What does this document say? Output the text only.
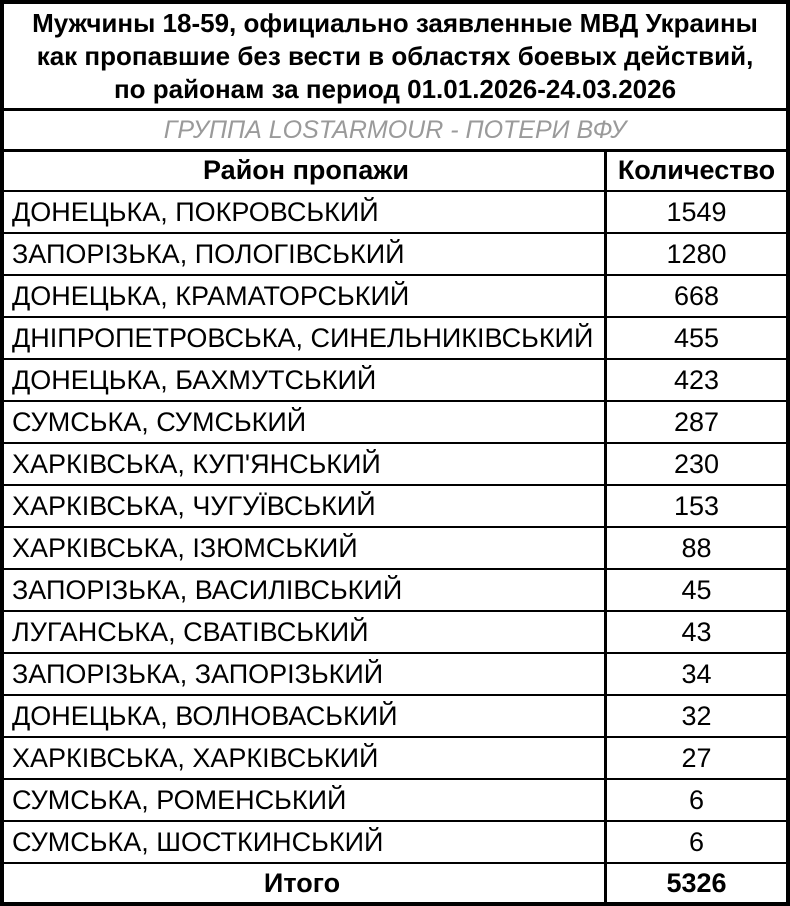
Мужчины 18-59, официально заявленные МВД Украины
как пропавшие без вести в областях боевых действий,
по районам за период 01.01.2026-24.03.2026
ГРУППА LOSTARMOUR - ПОТЕРИ ВФУ
Район пропажи	Количество
ДОНЕЦЬКА, ПОКРОВСЬКИЙ	1549
ЗАПОРІЗЬКА, ПОЛОГІВСЬКИЙ	1280
ДОНЕЦЬКА, КРАМАТОРСЬКИЙ	668
ДНІПРОПЕТРОВСЬКА, СИНЕЛЬНИКІВСЬКИЙ	455
ДОНЕЦЬКА, БАХМУТСЬКИЙ	423
СУМСЬКА, СУМСЬКИЙ	287
ХАРКІВСЬКА, КУП'ЯНСЬКИЙ	230
ХАРКІВСЬКА, ЧУГУЇВСЬКИЙ	153
ХАРКІВСЬКА, ІЗЮМСЬКИЙ	88
ЗАПОРІЗЬКА, ВАСИЛІВСЬКИЙ	45
ЛУГАНСЬКА, СВАТІВСЬКИЙ	43
ЗАПОРІЗЬКА, ЗАПОРІЗЬКИЙ	34
ДОНЕЦЬКА, ВОЛНОВАСЬКИЙ	32
ХАРКІВСЬКА, ХАРКІВСЬКИЙ	27
СУМСЬКА, РОМЕНСЬКИЙ	6
СУМСЬКА, ШОСТКИНСЬКИЙ	6
Итого	5326
